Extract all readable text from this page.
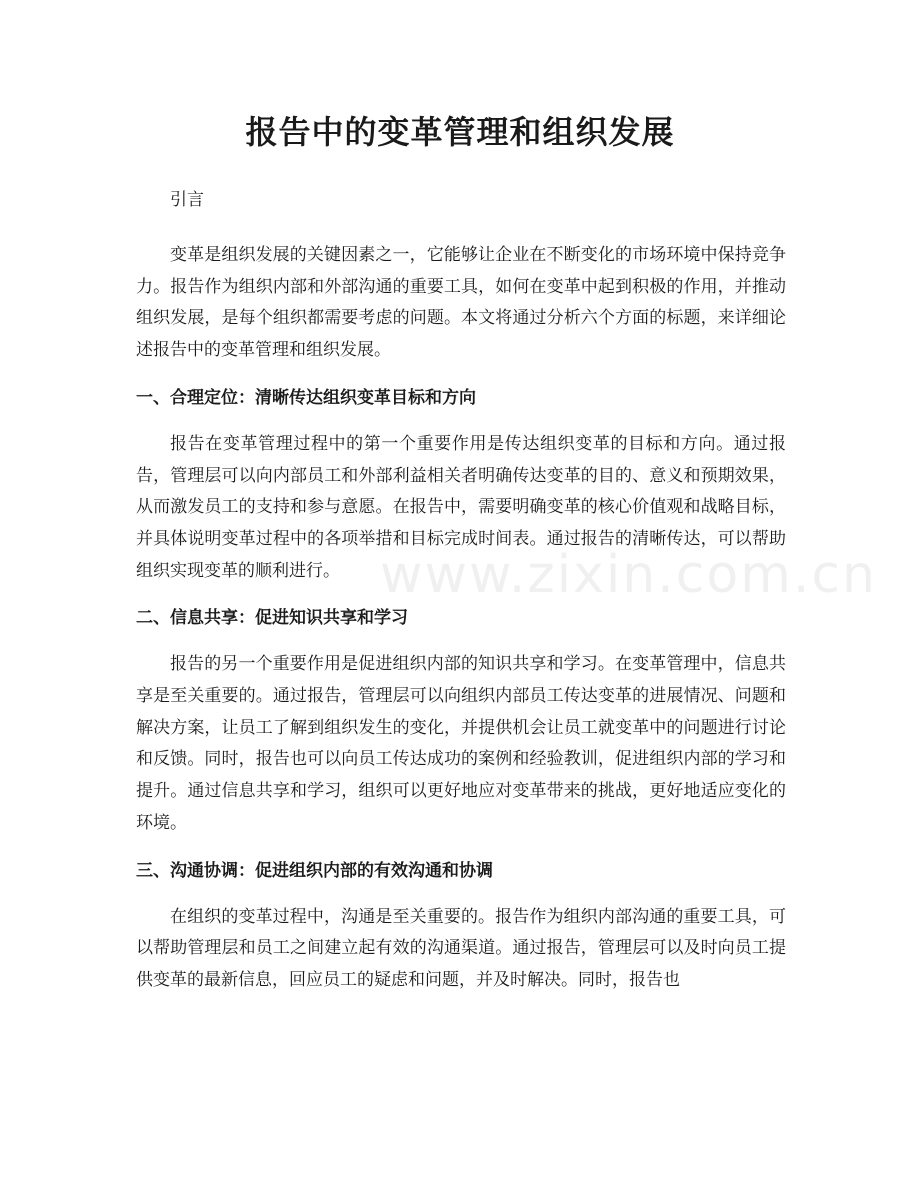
报告中的变革管理和组织发展

引言

变革是组织发展的关键因素之一，它能够让企业在不断变化的市场环境中保持竞争力。报告作为组织内部和外部沟通的重要工具，如何在变革中起到积极的作用，并推动组织发展，是每个组织都需要考虑的问题。本文将通过分析六个方面的标题，来详细论述报告中的变革管理和组织发展。

一、合理定位：清晰传达组织变革目标和方向

报告在变革管理过程中的第一个重要作用是传达组织变革的目标和方向。通过报告，管理层可以向内部员工和外部利益相关者明确传达变革的目的、意义和预期效果，从而激发员工的支持和参与意愿。在报告中，需要明确变革的核心价值观和战略目标，并具体说明变革过程中的各项举措和目标完成时间表。通过报告的清晰传达，可以帮助组织实现变革的顺利进行。

二、信息共享：促进知识共享和学习

报告的另一个重要作用是促进组织内部的知识共享和学习。在变革管理中，信息共享是至关重要的。通过报告，管理层可以向组织内部员工传达变革的进展情况、问题和解决方案，让员工了解到组织发生的变化，并提供机会让员工就变革中的问题进行讨论和反馈。同时，报告也可以向员工传达成功的案例和经验教训，促进组织内部的学习和提升。通过信息共享和学习，组织可以更好地应对变革带来的挑战，更好地适应变化的环境。

三、沟通协调：促进组织内部的有效沟通和协调

在组织的变革过程中，沟通是至关重要的。报告作为组织内部沟通的重要工具，可以帮助管理层和员工之间建立起有效的沟通渠道。通过报告，管理层可以及时向员工提供变革的最新信息，回应员工的疑虑和问题，并及时解决。同时，报告也

www.zixin.com.cn
